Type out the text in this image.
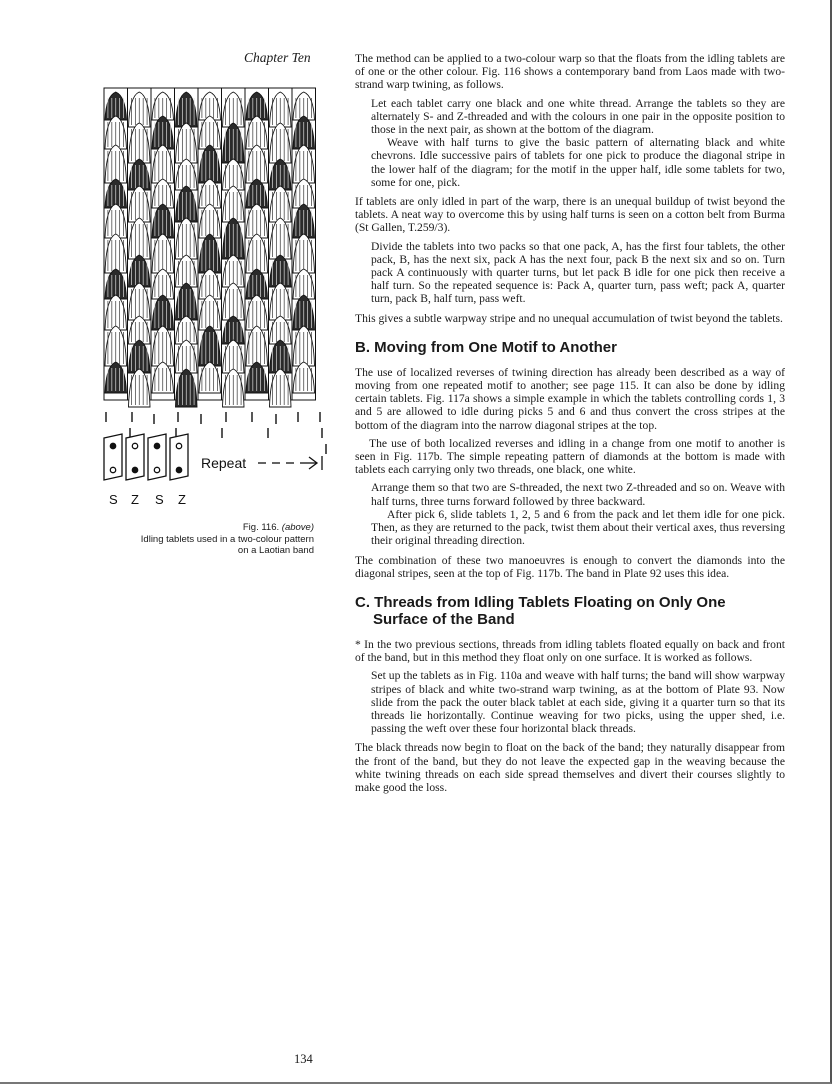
Chapter Ten
Repeat
S Z S Z
Fig. 116. (above)
Idling tablets used in a two-colour pattern on a Laotian band

The method can be applied to a two-colour warp so that the floats from the idling tablets are of one or the other colour. Fig. 116 shows a contemporary band from Laos made with two-strand warp twining, as follows.

Let each tablet carry one black and one white thread. Arrange the tablets so they are alternately S- and Z-threaded and with the colours in one pair in the opposite position to those in the next pair, as shown at the bottom of the diagram.

Weave with half turns to give the basic pattern of alternating black and white chevrons. Idle successive pairs of tablets for one pick to produce the diagonal stripe in the lower half of the diagram; for the motif in the upper half, idle some tablets for two, some for one, pick.

If tablets are only idled in part of the warp, there is an unequal buildup of twist beyond the tablets. A neat way to overcome this by using half turns is seen on a cotton belt from Burma (St Gallen, T.259/3).

Divide the tablets into two packs so that one pack, A, has the first four tablets, the other pack, B, has the next six, pack A has the next four, pack B the next six and so on. Turn pack A continuously with quarter turns, but let pack B idle for one pick then receive a half turn. So the repeated sequence is: Pack A, quarter turn, pass weft; pack A, quarter turn, pack B, half turn, pass weft.

This gives a subtle warpway stripe and no unequal accumulation of twist beyond the tablets.

B. Moving from One Motif to Another

The use of localized reverses of twining direction has already been described as a way of moving from one repeated motif to another; see page 115. It can also be done by idling certain tablets. Fig. 117a shows a simple example in which the tablets controlling cords 1, 3 and 5 are allowed to idle during picks 5 and 6 and thus convert the cross stripes at the bottom of the diagram into the narrow diagonal stripes at the top.

The use of both localized reverses and idling in a change from one motif to another is seen in Fig. 117b. The simple repeating pattern of diamonds at the bottom is made with tablets each carrying only two threads, one black, one white.

Arrange them so that two are S-threaded, the next two Z-threaded and so on. Weave with half turns, three turns forward followed by three backward.

After pick 6, slide tablets 1, 2, 5 and 6 from the pack and let them idle for one pick. Then, as they are returned to the pack, twist them about their vertical axes, thus reversing their original threading direction.

The combination of these two manoeuvres is enough to convert the diamonds into the diagonal stripes, seen at the top of Fig. 117b. The band in Plate 92 uses this idea.

C. Threads from Idling Tablets Floating on Only One
Surface of the Band

* In the two previous sections, threads from idling tablets floated equally on back and front of the band, but in this method they float only on one surface. It is worked as follows.

Set up the tablets as in Fig. 110a and weave with half turns; the band will show warpway stripes of black and white two-strand warp twining, as at the bottom of Plate 93. Now slide from the pack the outer black tablet at each side, giving it a quarter turn so that its threads lie horizontally. Continue weaving for two picks, using the upper shed, i.e. passing the weft over these four horizontal black threads.

The black threads now begin to float on the back of the band; they naturally disappear from the front of the band, but they do not leave the expected gap in the weaving because the white twining threads on each side spread themselves and divert their courses slightly to make good the loss.

134
